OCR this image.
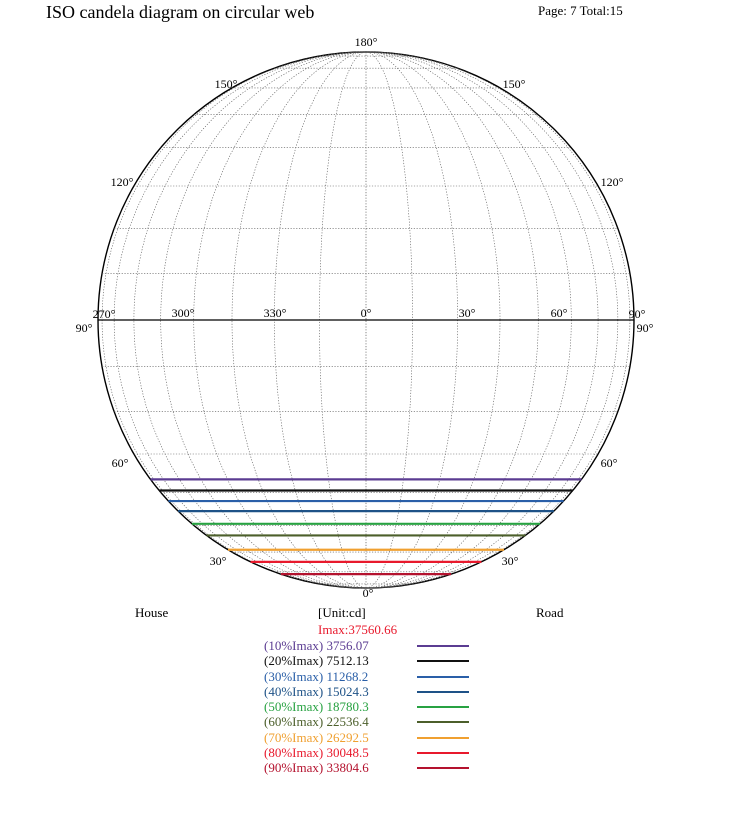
ISO candela diagram on circular web	Page: 7 Total:15
180°
0°
270°
90°
90°
90°
150°
120°
150°
120°
60°
30°
60°
30°
300°	330°	0°	30°	60°
House	[Unit:cd]	Road
Imax:37560.66
(10%Imax) 3756.07
(20%Imax) 7512.13
(30%Imax) 11268.2
(40%Imax) 15024.3
(50%Imax) 18780.3
(60%Imax) 22536.4
(70%Imax) 26292.5
(80%Imax) 30048.5
(90%Imax) 33804.6
